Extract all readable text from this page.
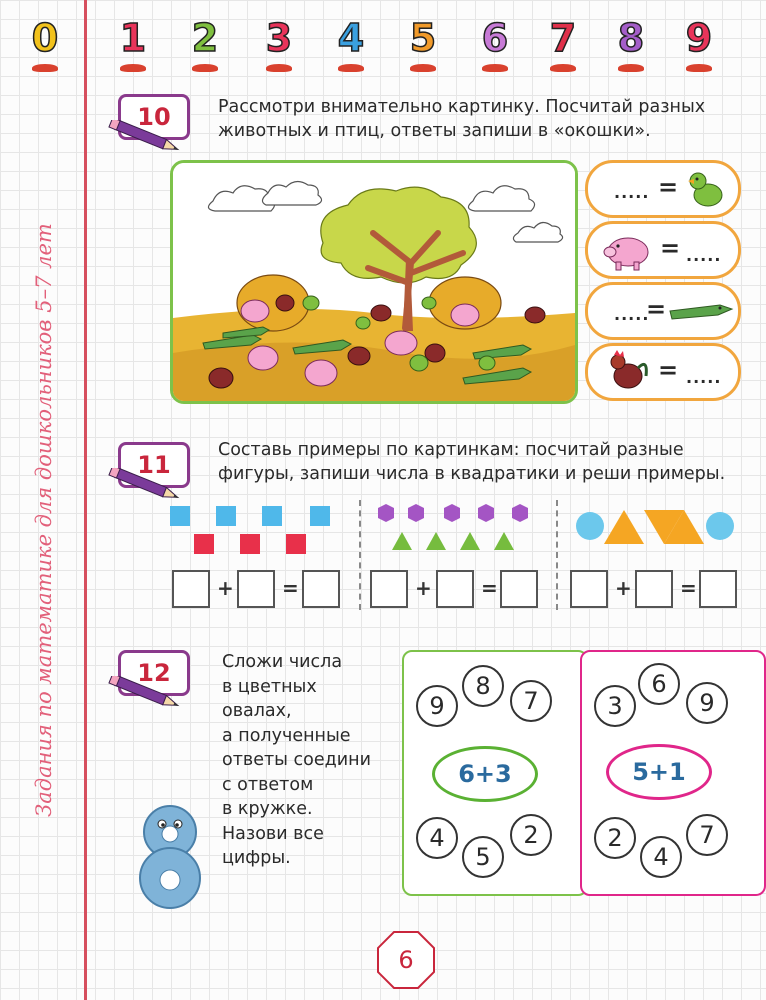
Задания по математике для дошкольников 5–7 лет
0	1	2	3	4	5	6	7	8	9
10	Рассмотри внимательно картинку. Посчитай разных
животных и птиц, ответы запиши в «окошки».
..... =
= .....
.....
=
= .....
11
Составь примеры по картинкам: посчитай разные
фигуры, запиши числа в квадратики и реши примеры.
+ =	+ =	+ =
12	Сложи числа
в цветных
овалах,
а полученные
ответы соедини
с ответом
в кружке.
Назови все
цифры.
9
8
7
6+3
4
5
2
3
6
9
5+1
2
4
7
6
